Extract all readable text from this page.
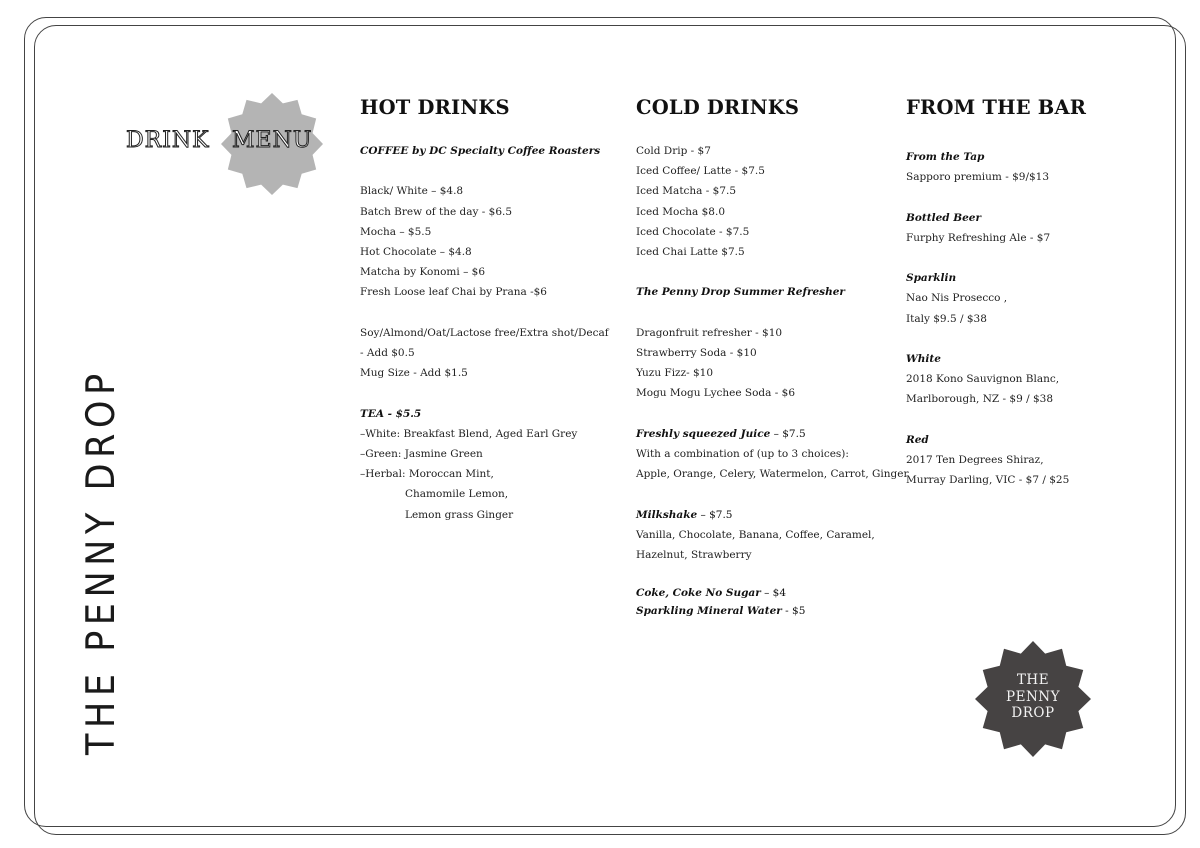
THE PENNY DROP
DRINK MENU
HOT DRINKS
COFFEE by DC Specialty Coffee Roasters
Black/ White – $4.8
Batch Brew of the day - $6.5
Mocha – $5.5
Hot Chocolate – $4.8
Matcha by Konomi – $6
Fresh Loose leaf Chai by Prana -$6
Soy/Almond/Oat/Lactose free/Extra shot/Decaf
- Add $0.5
Mug Size - Add $1.5
TEA - $5.5
–White: Breakfast Blend, Aged Earl Grey
–Green: Jasmine Green
–Herbal: Moroccan Mint,
Chamomile Lemon,
Lemon grass Ginger
COLD DRINKS
Cold Drip - $7
Iced Coffee/ Latte - $7.5
Iced Matcha - $7.5
Iced Mocha $8.0
Iced Chocolate - $7.5
Iced Chai Latte $7.5
The Penny Drop Summer Refresher
Dragonfruit refresher - $10
Strawberry Soda - $10
Yuzu Fizz- $10
Mogu Mogu Lychee Soda - $6
Freshly squeezed Juice – $7.5
With a combination of (up to 3 choices):
Apple, Orange, Celery, Watermelon, Carrot, Ginger
Milkshake – $7.5
Vanilla, Chocolate, Banana, Coffee, Caramel,
Hazelnut, Strawberry
Coke, Coke No Sugar – $4
Sparkling Mineral Water - $5
FROM THE BAR
From the Tap
Sapporo premium - $9/$13
Bottled Beer
Furphy Refreshing Ale - $7
Sparklin
Nao Nis Prosecco ,
Italy $9.5 / $38
White
2018 Kono Sauvignon Blanc,
Marlborough, NZ - $9 / $38
Red
2017 Ten Degrees Shiraz,
Murray Darling, VIC - $7 / $25
THE
PENNY
DROP
